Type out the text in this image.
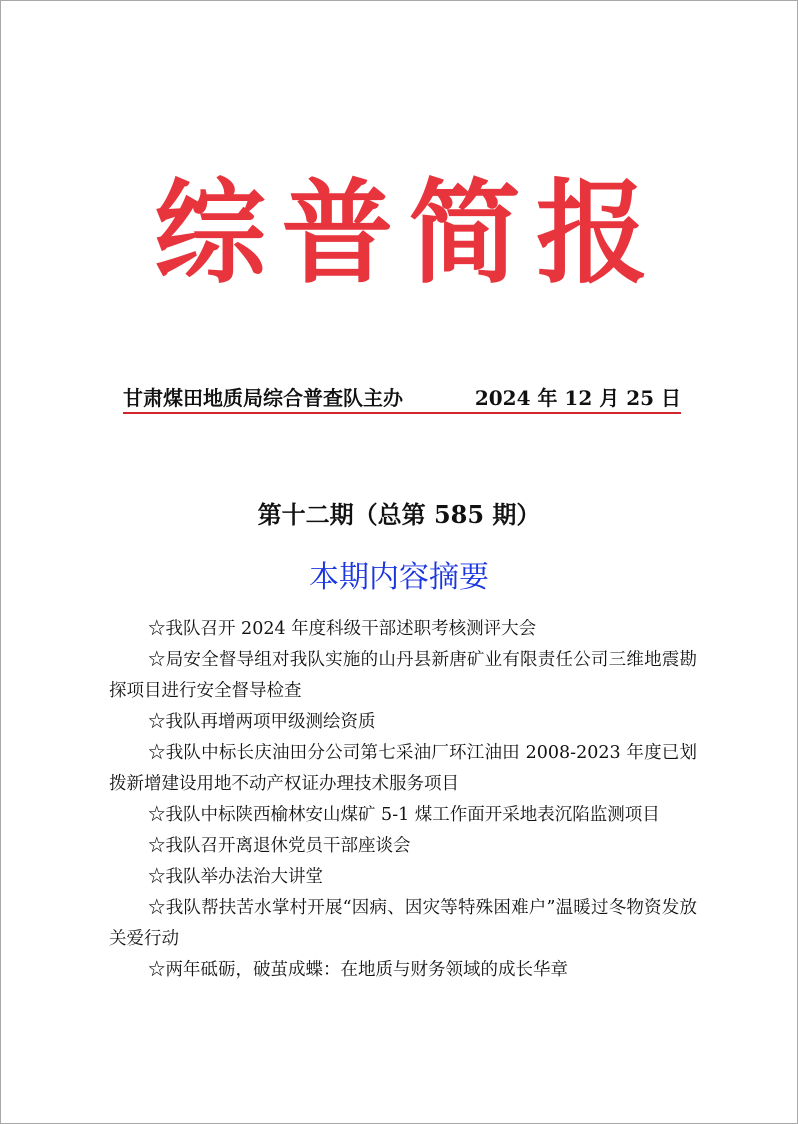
综 普 简 报
甘肃煤田地质局综合普查队主办	2024 年 12 月 25 日
第十二期（总第 585 期）
本期内容摘要
☆我队召开 2024 年度科级干部述职考核测评大会
☆局安全督导组对我队实施的山丹县新唐矿业有限责任公司三维地震勘探项目进行安全督导检查
☆我队再增两项甲级测绘资质
☆我队中标长庆油田分公司第七采油厂环江油田 2008-2023 年度已划拨新增建设用地不动产权证办理技术服务项目
☆我队中标陕西榆林安山煤矿 5-1 煤工作面开采地表沉陷监测项目
☆我队召开离退休党员干部座谈会
☆我队举办法治大讲堂
☆我队帮扶苦水掌村开展“因病、因灾等特殊困难户”温暖过冬物资发放关爱行动
☆两年砥砺，破茧成蝶：在地质与财务领域的成长华章
